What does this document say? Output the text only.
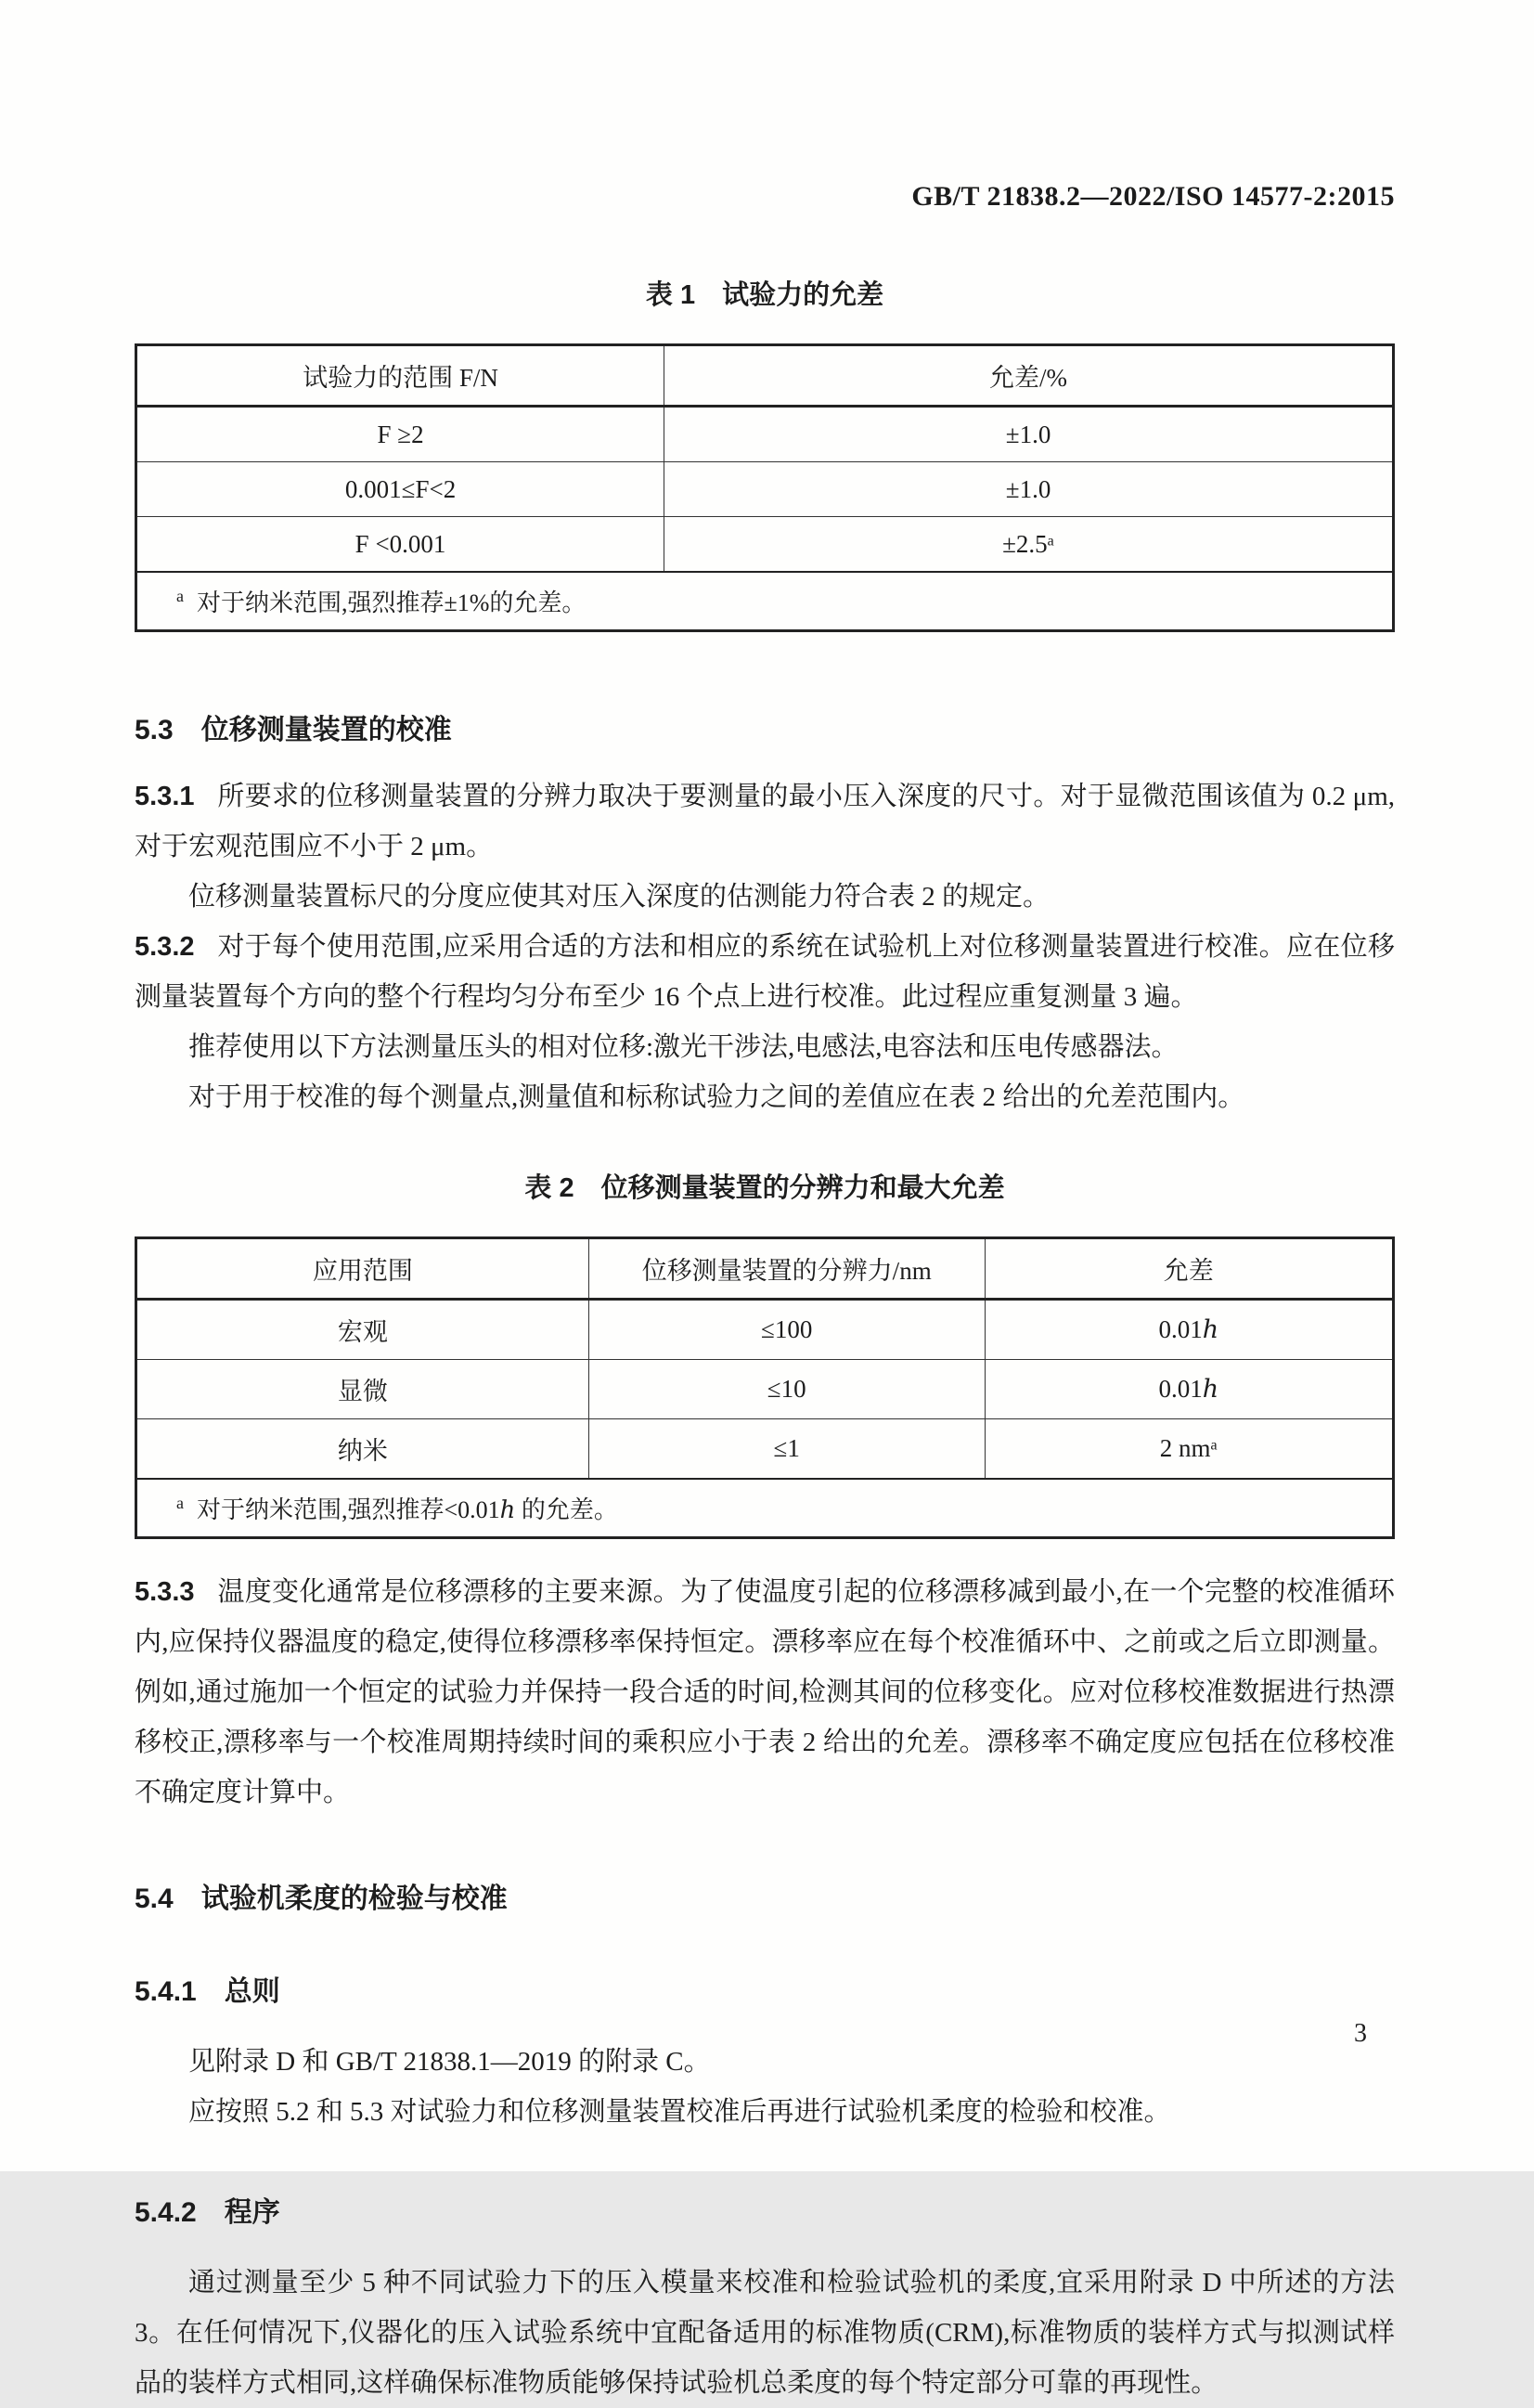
GB/T 21838.2—2022/ISO 14577-2:2015
表 1　试验力的允差
试验力的范围 F/N	允差/%
F ≥2	±1.0
0.001≤F<2	±1.0
F <0.001	±2.5ᵃ
$^a$ 对于纳米范围,强烈推荐±1%的允差。	
5.3　位移测量装置的校准

5.3.1 所要求的位移测量装置的分辨力取决于要测量的最小压入深度的尺寸。对于显微范围该值为 0.2 μm,对于宏观范围应不小于 2 μm。

位移测量装置标尺的分度应使其对压入深度的估测能力符合表 2 的规定。

5.3.2 对于每个使用范围,应采用合适的方法和相应的系统在试验机上对位移测量装置进行校准。应在位移测量装置每个方向的整个行程均匀分布至少 16 个点上进行校准。此过程应重复测量 3 遍。

推荐使用以下方法测量压头的相对位移:激光干涉法,电感法,电容法和压电传感器法。

对于用于校准的每个测量点,测量值和标称试验力之间的差值应在表 2 给出的允差范围内。

表 2　位移测量装置的分辨力和最大允差
应用范围	位移测量装置的分辨力/nm	允差
宏观	≤100	0.01ℎ
显微	≤10	0.01ℎ
纳米	≤1	2 nmᵃ
$^a$ 对于纳米范围,强烈推荐<0.01ℎ 的允差。		

5.3.3 温度变化通常是位移漂移的主要来源。为了使温度引起的位移漂移减到最小,在一个完整的校准循环内,应保持仪器温度的稳定,使得位移漂移率保持恒定。漂移率应在每个校准循环中、之前或之后立即测量。例如,通过施加一个恒定的试验力并保持一段合适的时间,检测其间的位移变化。应对位移校准数据进行热漂移校正,漂移率与一个校准周期持续时间的乘积应小于表 2 给出的允差。漂移率不确定度应包括在位移校准不确定度计算中。

5.4　试验机柔度的检验与校准
5.4.1　总则

见附录 D 和 GB/T 21838.1—2019 的附录 C。

应按照 5.2 和 5.3 对试验力和位移测量装置校准后再进行试验机柔度的检验和校准。

5.4.2　程序

通过测量至少 5 种不同试验力下的压入模量来校准和检验试验机的柔度,宜采用附录 D 中所述的方法 3。在任何情况下,仪器化的压入试验系统中宜配备适用的标准物质(CRM),标准物质的装样方式与拟测试样品的装样方式相同,这样确保标准物质能够保持试验机总柔度的每个特定部分可靠的再现性。

3
